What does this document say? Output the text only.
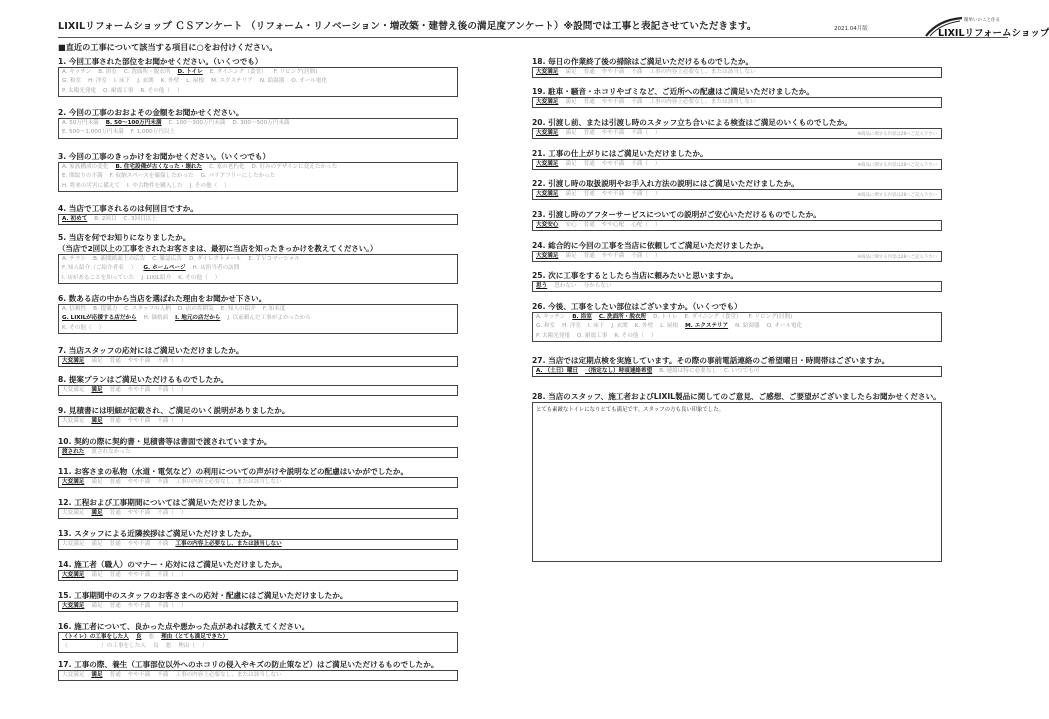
LIXILリフォームショップ ＣＳアンケート （リフォーム・リノベーション・増改築・建替え後の満足度アンケート）※設問では工事と表記させていただきます。	2021.04月版
簡単いのこと住る
LIXILリフォームショップ
■直近の工事について該当する項目に○をお付けください。
1. 今回工事された部位をお聞かせください。（いくつでも）
A. キッチン B. 浴室 C. 洗面所・脱衣所 D. トイレ E. ダイニング（食堂） F. リビング(居間)
G. 和室 H. 洋室 I. 床下 J. 玄関 K. 外壁 L. 屋根 M. エクステリア N. 給湯器 O. オール電化
P. 太陽光発電 Q. 耐震工事 R. その他（ ）
2. 今回の工事のおおよその金額をお聞かせください。
A. 50万円未満 B. 50～100万円未満 C. 100～300万円未満 D. 300～500万円未満
E. 500～1,000万円未満 F. 1,000万円以上
3. 今回の工事のきっかけをお聞かせください。（いくつでも）
A. 家族構成の変化 B. 住宅設備が古くなった・壊れた C. 家の老朽化 D. 好みのデザインに変えたかった
E. 間取りの不満 F. 収納スペースを確保したかった G. バリアフリーにしたかった
H. 将来の災害に備えて I. 中古物件を購入した J. その他（ ）
4. 当店で工事されるのは何回目ですか。
A. 初めて B. 2回目 C. 3回目以上
5. 当店を何でお知りになりましたか。
（当店で2回以上の工事をされたお客さまは、最初に当店を知ったきっかけを教えてください。）
A. チラシ B. 新聞紙面上の広告 C. 雑誌広告 D. ダイレクトメール E. ＴＶコマーシャル
F. 知人紹介（ご紹介者名 ） G. ホームページ H. 店担当者の訪問
I. 店があることを知っていた J. LIXIL紹介 K. その他（ ）
6. 数ある店の中から当店を選ばれた理由をお聞かせ下さい。
A. 信頼性 B. 提案力 C. スタッフの人柄 D. 店の雰囲気 E. 知人の紹介 F. 知名度
G. LIXILが応援する店だから H. 価格面 I. 地元の店だから J. 以前頼んだ工事がよかったから
K. その他（ ）
7. 当店スタッフの応対にはご満足いただけましたか。
大変満足 満足 普通 やや不満 不満（ ）
8. 提案プランはご満足いただけるものでしたか。
大変満足 満足 普通 やや不満 不満（ ）
9. 見積書には明細が記載され、ご満足のいく説明がありましたか。
大変満足 満足 普通 やや不満 不満（ ）
10. 契約の際に契約書・見積書等は書面で渡されていますか。
渡された 渡されなかった
11. お客さまの私物（水道・電気など）の利用についての声がけや説明などの配慮はいかがでしたか。
大変満足 満足 普通 やや不満 不満 工事の内容上必要なし、または該当しない
12. 工程および工事期間についてはご満足いただけましたか。
大変満足 満足 普通 やや不満 不満（ ）
13. スタッフによる近隣挨拶はご満足いただけましたか。
大変満足 満足 普通 やや不満 不満 工事の内容上必要なし、または該当しない
14. 施工者（職人）のマナー・応対にはご満足いただけましたか。
大変満足 満足 普通 やや不満 不満（ ）
15. 工事期間中のスタッフのお客さまへの応対・配慮にはご満足いただけましたか。
大変満足 満足 普通 やや不満 不満（ ）
16. 施工者について、良かった点や悪かった点があれば教えてください。
（トイレ）の工事をした人 良 悪 理由（とても満足できた）
（　　　　　　）の工事をした人 良 悪 理由（ ）
17. 工事の際、養生（工事部位以外へのホコリの侵入やキズの防止策など）はご満足いただけるものでしたか。
大変満足 満足 普通 やや不満 不満 工事の内容上必要なし、または該当しない
18. 毎日の作業終了後の掃除はご満足いただけるものでしたか。
大変満足 満足 普通 やや不満 不満 工事の内容上必要なし、または該当しない
19. 駐車・騒音・ホコリやゴミなど、ご近所への配慮はご満足いただけましたか。
大変満足 満足 普通 やや不満 不満 工事の内容上必要なし、または該当しない
20. 引渡し前、または引渡し時のスタッフ立ち合いによる検査はご満足のいくものでしたか。
※商品に関する内容は28へご記入下さい
大変満足 満足 普通 やや不満 不満（ ）
21. 工事の仕上がりにはご満足いただけましたか。
※商品に関する内容は28へご記入下さい
大変満足 満足 普通 やや不満 不満（ ）
22. 引渡し時の取扱説明やお手入れ方法の説明にはご満足いただけましたか。
※商品に関する内容は28へご記入下さい
大変満足 満足 普通 やや不満 不満（ ）
23. 引渡し時のアフターサービスについての説明がご安心いただけるものでしたか。
大変安心 安心 普通 やや心配 心配（ ）
24. 総合的に今回の工事を当店に依頼してご満足いただけましたか。
※商品に関する内容は28へご記入下さい
大変満足 満足 普通 やや不満 不満（ ）
25. 次に工事をするとしたら当店に頼みたいと思いますか。
思う 思わない 分からない
26. 今後、工事をしたい部位はございますか。（いくつでも）
A. キッチン B. 浴室 C. 洗面所・脱衣所 D. トイレ E. ダイニング（食堂） F. リビング(居間)
G. 和室 H. 洋室 I. 床下 J. 玄関 K. 外壁 L. 屋根 M. エクステリア N. 給湯器 O. オール電化
P. 太陽光発電 Q. 耐震工事 R. その他（ ）
27. 当店では定期点検を実施しています。その際の事前電話連絡のご希望曜日・時間帯はございますか。
A. （土日）曜日 （指定なし）時頃連絡希望 B. 連絡は特に必要なし C. いつでも可
28. 当店のスタッフ、施工者およびLIXIL製品に関してのご意見、ご感想、ご要望がございましたらお聞かせください。
とても素敵なトイレになりとても満足です。スタッフの方も良い印象でした。
